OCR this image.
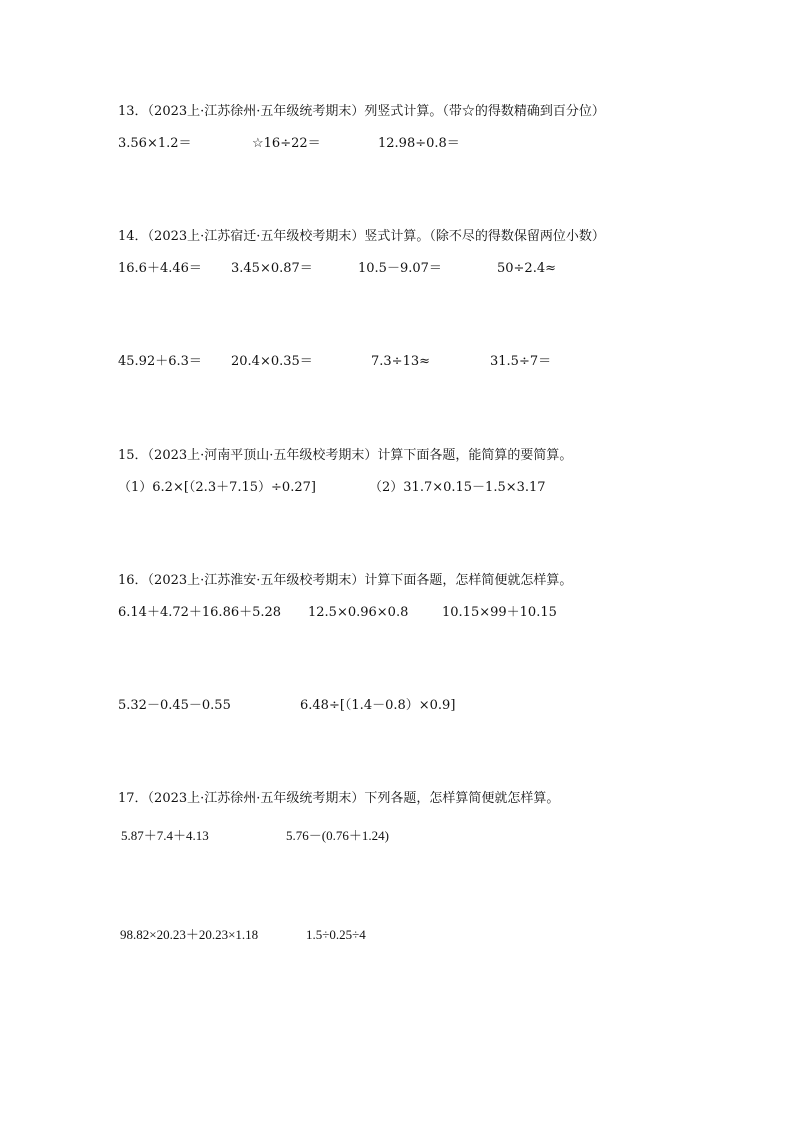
13．（2023上·江苏徐州·五年级统考期末）列竖式计算。（带☆的得数精确到百分位）
3.56×1.2＝	☆16÷22＝	12.98÷0.8＝
14．（2023上·江苏宿迁·五年级校考期末）竖式计算。（除不尽的得数保留两位小数）
16.6＋4.46＝ 3.45×0.87＝	10.5－9.07＝	50÷2.4≈
45.92＋6.3＝ 20.4×0.35＝	7.3÷13≈	31.5÷7＝
15．（2023上·河南平顶山·五年级校考期末）计算下面各题，能简算的要简算。
（1）6.2×[（2.3＋7.15）÷0.27]	（2）31.7×0.15－1.5×3.17
16．（2023上·江苏淮安·五年级校考期末）计算下面各题，怎样简便就怎样算。
6.14＋4.72＋16.86＋5.28 12.5×0.96×0.8	10.15×99＋10.15
5.32－0.45－0.55	6.48÷[（1.4－0.8）×0.9]
17．（2023上·江苏徐州·五年级统考期末）下列各题，怎样算简便就怎样算。
5.87＋7.4＋4.13	5.76－(0.76＋1.24)
98.82×20.23＋20.23×1.18	1.5÷0.25÷4
